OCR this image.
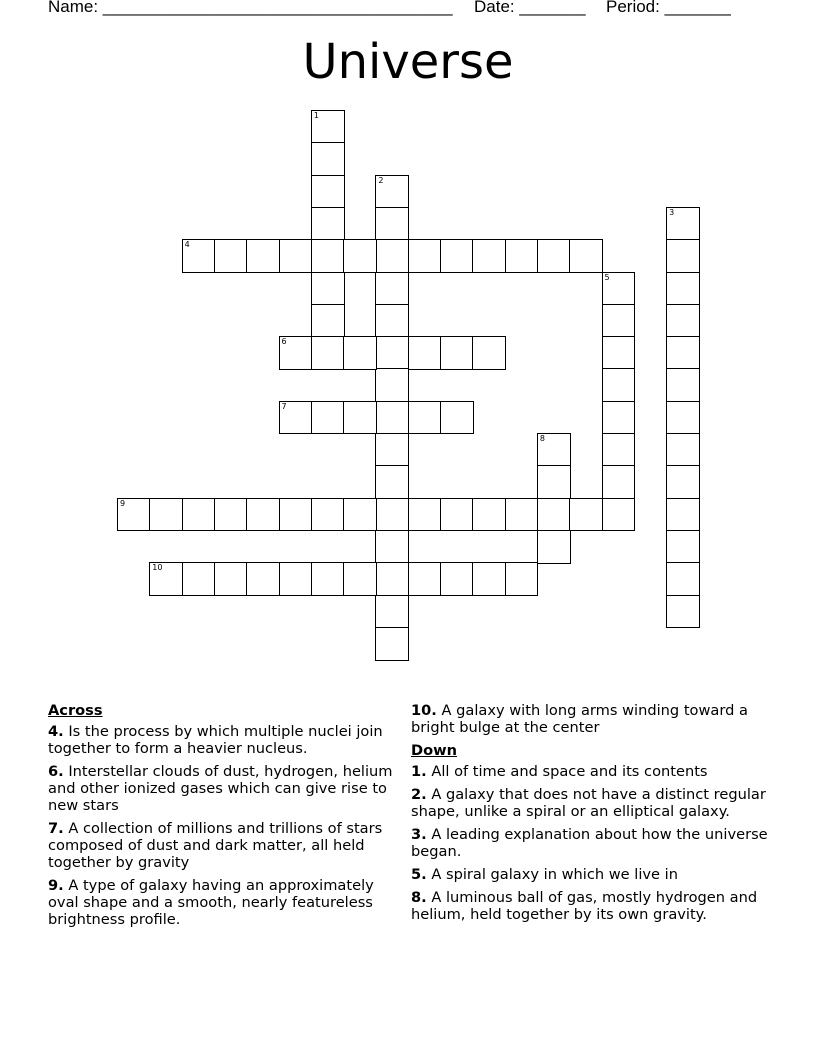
Name: _____________________________________ Date: _______ Period: _______
Universe
1
2
3
4
5
6
7
8
9
10
Across
4. Is the process by which multiple nuclei join together to form a heavier nucleus.
6. Interstellar clouds of dust, hydrogen, helium and other ionized gases which can give rise to new stars
7. A collection of millions and trillions of stars composed of dust and dark matter, all held together by gravity
9. A type of galaxy having an approximately oval shape and a smooth, nearly featureless brightness profile.
10. A galaxy with long arms winding toward a bright bulge at the center
Down
1. All of time and space and its contents
2. A galaxy that does not have a distinct regular shape, unlike a spiral or an elliptical galaxy.
3. A leading explanation about how the universe began.
5. A spiral galaxy in which we live in
8. A luminous ball of gas, mostly hydrogen and helium, held together by its own gravity.
